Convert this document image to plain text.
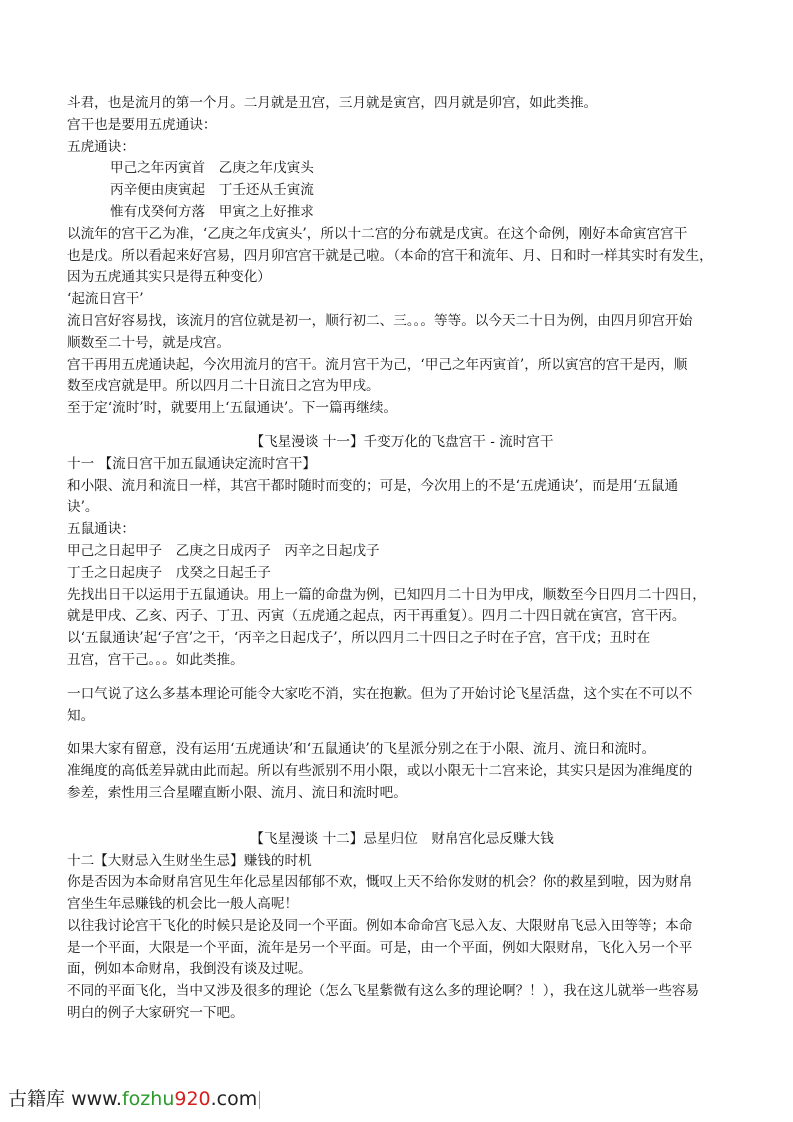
斗君，也是流月的第一个月。二月就是丑宫，三月就是寅宫，四月就是卯宫，如此类推。
宫干也是要用五虎通诀：
五虎通诀：
甲己之年丙寅首　乙庚之年戊寅头
丙辛便由庚寅起　丁壬还从壬寅流
惟有戊癸何方落　甲寅之上好推求
以流年的宫干乙为准，‘乙庚之年戊寅头’，所以十二宫的分布就是戊寅。在这个命例，刚好本命寅宫宫干
也是戊。所以看起来好宫易，四月卯宫宫干就是己啦。（本命的宫干和流年、月、日和时一样其实时有发生，
因为五虎通其实只是得五种变化）
‘起流日宫干’
流日宫好容易找，该流月的宫位就是初一，顺行初二、三。。。等等。以今天二十日为例，由四月卯宫开始
顺数至二十号，就是戌宫。
宫干再用五虎通诀起，今次用流月的宫干。流月宫干为己，‘甲己之年丙寅首’，所以寅宫的宫干是丙，顺
数至戌宫就是甲。所以四月二十日流日之宫为甲戌。
至于定‘流时’时，就要用上‘五鼠通诀’。下一篇再继续。
【飞星漫谈 十一】千变万化的飞盘宫干 - 流时宫干
十一 【流日宫干加五鼠通诀定流时宫干】
和小限、流月和流日一样，其宫干都时随时而变的；可是，今次用上的不是‘五虎通诀’，而是用‘五鼠通
诀’。
五鼠通诀：
甲己之日起甲子　乙庚之日成丙子　丙辛之日起戊子
丁壬之日起庚子　戊癸之日起壬子
先找出日干以运用于五鼠通诀。用上一篇的命盘为例，已知四月二十日为甲戌，顺数至今日四月二十四日，
就是甲戌、乙亥、丙子、丁丑、丙寅（五虎通之起点，丙干再重复）。四月二十四日就在寅宫，宫干丙。
以‘五鼠通诀’起‘子宫’之干，‘丙辛之日起戊子’，所以四月二十四日之子时在子宫，宫干戊；丑时在
丑宫，宫干己。。。如此类推。
一口气说了这么多基本理论可能令大家吃不消，实在抱歉。但为了开始讨论飞星活盘，这个实在不可以不
知。
如果大家有留意，没有运用‘五虎通诀’和‘五鼠通诀’的飞星派分别之在于小限、流月、流日和流时。
准绳度的高低差异就由此而起。所以有些派别不用小限，或以小限无十二宫来论，其实只是因为准绳度的
参差，索性用三合星曜直断小限、流月、流日和流时吧。
【飞星漫谈 十二】忌星归位　财帛宫化忌反赚大钱
十二【大财忌入生财坐生忌】赚钱的时机
你是否因为本命财帛宫见生年化忌星因郁郁不欢，慨叹上天不给你发财的机会？你的救星到啦，因为财帛
宫坐生年忌赚钱的机会比一般人高呢！
以往我讨论宫干飞化的时候只是论及同一个平面。例如本命命宫飞忌入友、大限财帛飞忌入田等等；本命
是一个平面，大限是一个平面，流年是另一个平面。可是，由一个平面，例如大限财帛，飞化入另一个平
面，例如本命财帛，我倒没有谈及过呢。
不同的平面飞化，当中又涉及很多的理论（怎么飞星紫微有这么多的理论啊？！），我在这儿就举一些容易
明白的例子大家研究一下吧。
古籍库 www.fozhu920.com
